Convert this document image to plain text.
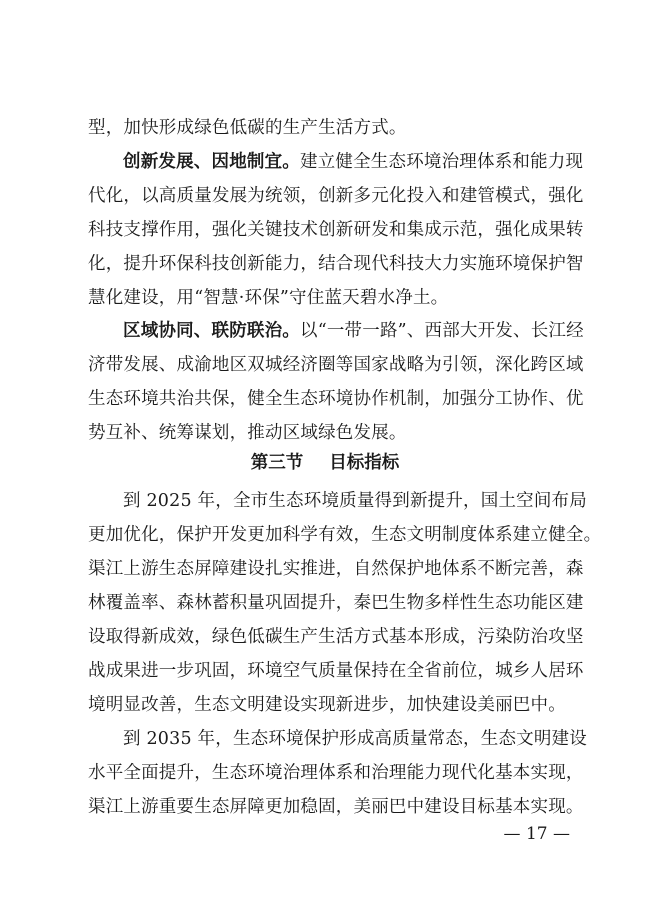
型，加快形成绿色低碳的生产生活方式。
创新发展、因地制宜。建立健全生态环境治理体系和能力现
代化，以高质量发展为统领，创新多元化投入和建管模式，强化
科技支撑作用，强化关键技术创新研发和集成示范，强化成果转
化，提升环保科技创新能力，结合现代科技大力实施环境保护智
慧化建设，用“智慧·环保”守住蓝天碧水净土。
区域协同、联防联治。以“一带一路”、西部大开发、长江经
济带发展、成渝地区双城经济圈等国家战略为引领，深化跨区域
生态环境共治共保，健全生态环境协作机制，加强分工协作、优
势互补、统筹谋划，推动区域绿色发展。
第三节 目标指标
到 2025 年，全市生态环境质量得到新提升，国土空间布局
更加优化，保护开发更加科学有效，生态文明制度体系建立健全。
渠江上游生态屏障建设扎实推进，自然保护地体系不断完善，森
林覆盖率、森林蓄积量巩固提升，秦巴生物多样性生态功能区建
设取得新成效，绿色低碳生产生活方式基本形成，污染防治攻坚
战成果进一步巩固，环境空气质量保持在全省前位，城乡人居环
境明显改善，生态文明建设实现新进步，加快建设美丽巴中。
到 2035 年，生态环境保护形成高质量常态，生态文明建设
水平全面提升，生态环境治理体系和治理能力现代化基本实现，
渠江上游重要生态屏障更加稳固，美丽巴中建设目标基本实现。
— 17 —
